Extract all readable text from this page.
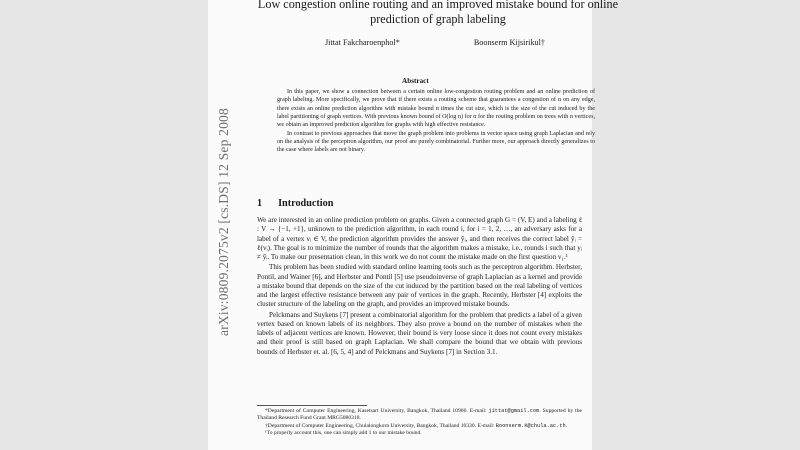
arXiv:0809.2075v2 [cs.DS] 12 Sep 2008
Low congestion online routing and an improved mistake bound for online prediction of graph labeling
Jittat Fakcharoenphol*	Boonserm Kijsirikul†
Abstract

In this paper, we show a connection between a certain online low-congestion routing problem and an online prediction of graph labeling. More specifically, we prove that if there exists a routing scheme that guarantees a congestion of α on any edge, there exists an online prediction algorithm with mistake bound α times the cut size, which is the size of the cut induced by the label partitioning of graph vertices. With previous known bound of O(log n) for α for the routing problem on trees with n vertices, we obtain an improved prediction algorithm for graphs with high effective resistance.

In contrast to previous approaches that move the graph problem into problems in vector space using graph Laplacian and rely on the analysis of the perceptron algorithm, our proof are purely combinatorial. Further more, our approach directly generalizes to the case where labels are not binary.

1 Introduction

We are interested in an online prediction problem on graphs. Given a connected graph G = (V, E) and a labeling ℓ : V → {−1, +1}, unknown to the prediction algorithm, in each round i, for i = 1, 2, …, an adversary asks for a label of a vertex vᵢ ∈ V, the prediction algorithm provides the answer ŷᵢ, and then receives the correct label ŷᵢ = ℓ(vᵢ). The goal is to minimize the number of rounds that the algorithm makes a mistake, i.e., rounds i such that yᵢ ≠ ŷᵢ. To make our presentation clean, in this work we do not count the mistake made on the first question v₁.¹

This problem has been studied with standard online learning tools such as the perceptron algorithm. Herbster, Pontil, and Wainer [6], and Herbster and Pontil [5] use pseudoinverse of graph Laplacian as a kernel and provide a mistake bound that depends on the size of the cut induced by the partition based on the real labeling of vertices and the largest effective resistance between any pair of vertices in the graph. Recently, Herbster [4] exploits the cluster structure of the labeling on the graph, and provides an improved mistake bounds.

Pelckmans and Suykens [7] present a combinatorial algorithm for the problem that predicts a label of a given vertex based on known labels of its neighbors. They also prove a bound on the number of mistakes when the labels of adjacent vertices are known. However, their bound is very loose since it does not count every mistakes and their proof is still based on graph Laplacian. We shall compare the bound that we obtain with previous bounds of Herbster et. al. [6, 5, 4] and of Pelckmans and Suykens [7] in Section 3.1.

*Department of Computer Engineering, Kasetsart University, Bangkok, Thailand 10900. E-mail: jittat@gmail.com. Supported by the Thailand Research Fund Grant MRG5080318.

†Department of Computer Engineering, Chulalongkorn University, Bangkok, Thailand 10330. E-mail: Boonserm.K@chula.ac.th.

¹To properly account this, one can simply add 1 to our mistake bound.
